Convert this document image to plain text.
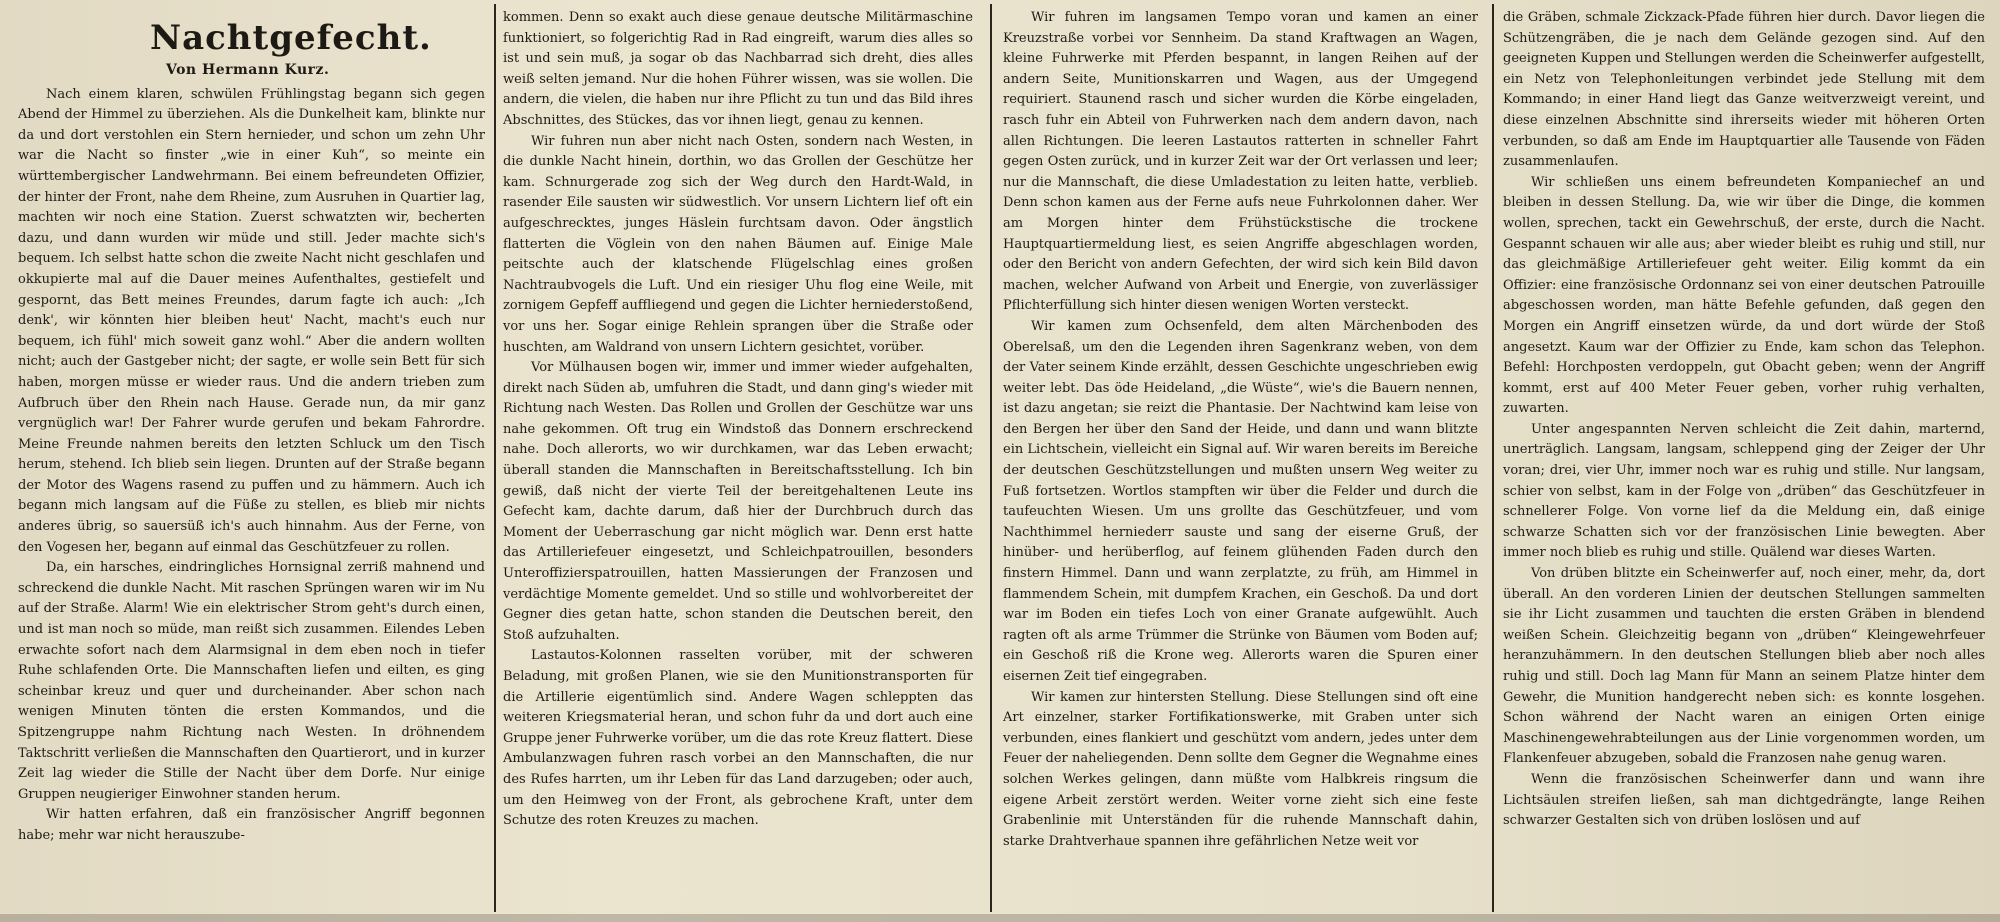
Nachtgefecht.
Von Hermann Kurz.

Nach einem klaren, schwülen Frühlingstag begann sich gegen Abend der Himmel zu überziehen. Als die Dunkelheit kam, blinkte nur da und dort verstohlen ein Stern hernieder, und schon um zehn Uhr war die Nacht so finster „wie in einer Kuh“, so meinte ein württembergischer Landwehrmann. Bei einem befreundeten Offizier, der hinter der Front, nahe dem Rheine, zum Ausruhen in Quartier lag, machten wir noch eine Station. Zuerst schwatzten wir, becherten dazu, und dann wurden wir müde und still. Jeder machte sich's bequem. Ich selbst hatte schon die zweite Nacht nicht geschlafen und okkupierte mal auf die Dauer meines Aufenthaltes, gestiefelt und gespornt, das Bett meines Freundes, darum fagte ich auch: „Ich denk', wir könnten hier bleiben heut' Nacht, macht's euch nur bequem, ich fühl' mich soweit ganz wohl.“ Aber die andern wollten nicht; auch der Gastgeber nicht; der sagte, er wolle sein Bett für sich haben, morgen müsse er wieder raus. Und die andern trieben zum Aufbruch über den Rhein nach Hause. Gerade nun, da mir ganz vergnüglich war! Der Fahrer wurde gerufen und bekam Fahrordre. Meine Freunde nahmen bereits den letzten Schluck um den Tisch herum, stehend. Ich blieb sein liegen. Drunten auf der Straße begann der Motor des Wagens rasend zu puffen und zu hämmern. Auch ich begann mich langsam auf die Füße zu stellen, es blieb mir nichts anderes übrig, so sauersüß ich's auch hinnahm. Aus der Ferne, von den Vogesen her, begann auf einmal das Geschützfeuer zu rollen.

Da, ein harsches, eindringliches Hornsignal zerriß mahnend und schreckend die dunkle Nacht. Mit raschen Sprüngen waren wir im Nu auf der Straße. Alarm! Wie ein elektrischer Strom geht's durch einen, und ist man noch so müde, man reißt sich zusammen. Eilendes Leben erwachte sofort nach dem Alarmsignal in dem eben noch in tiefer Ruhe schlafenden Orte. Die Mannschaften liefen und eilten, es ging scheinbar kreuz und quer und durcheinander. Aber schon nach wenigen Minuten tönten die ersten Kommandos, und die Spitzengruppe nahm Richtung nach Westen. In dröhnendem Taktschritt verließen die Mannschaften den Quartierort, und in kurzer Zeit lag wieder die Stille der Nacht über dem Dorfe. Nur einige Gruppen neugieriger Einwohner standen herum.

Wir hatten erfahren, daß ein französischer Angriff begonnen habe; mehr war nicht herauszube-

kommen. Denn so exakt auch diese genaue deutsche Militärmaschine funktioniert, so folgerichtig Rad in Rad eingreift, warum dies alles so ist und sein muß, ja sogar ob das Nachbarrad sich dreht, dies alles weiß selten jemand. Nur die hohen Führer wissen, was sie wollen. Die andern, die vielen, die haben nur ihre Pflicht zu tun und das Bild ihres Abschnittes, des Stückes, das vor ihnen liegt, genau zu kennen.

Wir fuhren nun aber nicht nach Osten, sondern nach Westen, in die dunkle Nacht hinein, dorthin, wo das Grollen der Geschütze her kam. Schnurgerade zog sich der Weg durch den Hardt-Wald, in rasender Eile sausten wir südwestlich. Vor unsern Lichtern lief oft ein aufgeschrecktes, junges Häslein furchtsam davon. Oder ängstlich flatterten die Vöglein von den nahen Bäumen auf. Einige Male peitschte auch der klatschende Flügelschlag eines großen Nachtraubvogels die Luft. Und ein riesiger Uhu flog eine Weile, mit zornigem Gepfeff auffliegend und gegen die Lichter herniederstoßend, vor uns her. Sogar einige Rehlein sprangen über die Straße oder huschten, am Waldrand von unsern Lichtern gesichtet, vorüber.

Vor Mülhausen bogen wir, immer und immer wieder aufgehalten, direkt nach Süden ab, umfuhren die Stadt, und dann ging's wieder mit Richtung nach Westen. Das Rollen und Grollen der Geschütze war uns nahe gekommen. Oft trug ein Windstoß das Donnern erschreckend nahe. Doch allerorts, wo wir durchkamen, war das Leben erwacht; überall standen die Mannschaften in Bereitschaftsstellung. Ich bin gewiß, daß nicht der vierte Teil der bereitgehaltenen Leute ins Gefecht kam, dachte darum, daß hier der Durchbruch durch das Moment der Ueberraschung gar nicht möglich war. Denn erst hatte das Artilleriefeuer eingesetzt, und Schleichpatrouillen, besonders Unteroffizierspatrouillen, hatten Massierungen der Franzosen und verdächtige Momente gemeldet. Und so stille und wohlvorbereitet der Gegner dies getan hatte, schon standen die Deutschen bereit, den Stoß aufzuhalten.

Lastautos-Kolonnen rasselten vorüber, mit der schweren Beladung, mit großen Planen, wie sie den Munitionstransporten für die Artillerie eigentümlich sind. Andere Wagen schleppten das weiteren Kriegsmaterial heran, und schon fuhr da und dort auch eine Gruppe jener Fuhrwerke vorüber, um die das rote Kreuz flattert. Diese Ambulanzwagen fuhren rasch vorbei an den Mannschaften, die nur des Rufes harrten, um ihr Leben für das Land darzugeben; oder auch, um den Heimweg von der Front, als gebrochene Kraft, unter dem Schutze des roten Kreuzes zu machen.

Wir fuhren im langsamen Tempo voran und kamen an einer Kreuzstraße vorbei vor Sennheim. Da stand Kraftwagen an Wagen, kleine Fuhrwerke mit Pferden bespannt, in langen Reihen auf der andern Seite, Munitionskarren und Wagen, aus der Umgegend requiriert. Staunend rasch und sicher wurden die Körbe eingeladen, rasch fuhr ein Abteil von Fuhrwerken nach dem andern davon, nach allen Richtungen. Die leeren Lastautos ratterten in schneller Fahrt gegen Osten zurück, und in kurzer Zeit war der Ort verlassen und leer; nur die Mannschaft, die diese Umladestation zu leiten hatte, verblieb. Denn schon kamen aus der Ferne aufs neue Fuhrkolonnen daher. Wer am Morgen hinter dem Frühstückstische die trockene Hauptquartiermeldung liest, es seien Angriffe abgeschlagen worden, oder den Bericht von andern Gefechten, der wird sich kein Bild davon machen, welcher Aufwand von Arbeit und Energie, von zuverlässiger Pflichterfüllung sich hinter diesen wenigen Worten versteckt.

Wir kamen zum Ochsenfeld, dem alten Märchenboden des Oberelsaß, um den die Legenden ihren Sagenkranz weben, von dem der Vater seinem Kinde erzählt, dessen Geschichte ungeschrieben ewig weiter lebt. Das öde Heideland, „die Wüste“, wie's die Bauern nennen, ist dazu angetan; sie reizt die Phantasie. Der Nachtwind kam leise von den Bergen her über den Sand der Heide, und dann und wann blitzte ein Lichtschein, vielleicht ein Signal auf. Wir waren bereits im Bereiche der deutschen Geschützstellungen und mußten unsern Weg weiter zu Fuß fortsetzen. Wortlos stampften wir über die Felder und durch die taufeuchten Wiesen. Um uns grollte das Geschützfeuer, und vom Nachthimmel herniederr sauste und sang der eiserne Gruß, der hinüber- und herüberflog, auf feinem glühenden Faden durch den finstern Himmel. Dann und wann zerplatzte, zu früh, am Himmel in flammendem Schein, mit dumpfem Krachen, ein Geschoß. Da und dort war im Boden ein tiefes Loch von einer Granate aufgewühlt. Auch ragten oft als arme Trümmer die Strünke von Bäumen vom Boden auf; ein Geschoß riß die Krone weg. Allerorts waren die Spuren einer eisernen Zeit tief eingegraben.

Wir kamen zur hintersten Stellung. Diese Stellungen sind oft eine Art einzelner, starker Fortifikationswerke, mit Graben unter sich verbunden, eines flankiert und geschützt vom andern, jedes unter dem Feuer der naheliegenden. Denn sollte dem Gegner die Wegnahme eines solchen Werkes gelingen, dann müßte vom Halbkreis ringsum die eigene Arbeit zerstört werden. Weiter vorne zieht sich eine feste Grabenlinie mit Unterständen für die ruhende Mannschaft dahin, starke Drahtverhaue spannen ihre gefährlichen Netze weit vor

die Gräben, schmale Zickzack-Pfade führen hier durch. Davor liegen die Schützengräben, die je nach dem Gelände gezogen sind. Auf den geeigneten Kuppen und Stellungen werden die Scheinwerfer aufgestellt, ein Netz von Telephonleitungen verbindet jede Stellung mit dem Kommando; in einer Hand liegt das Ganze weitverzweigt vereint, und diese einzelnen Abschnitte sind ihrerseits wieder mit höheren Orten verbunden, so daß am Ende im Hauptquartier alle Tausende von Fäden zusammenlaufen.

Wir schließen uns einem befreundeten Kompaniechef an und bleiben in dessen Stellung. Da, wie wir über die Dinge, die kommen wollen, sprechen, tackt ein Gewehrschuß, der erste, durch die Nacht. Gespannt schauen wir alle aus; aber wieder bleibt es ruhig und still, nur das gleichmäßige Artilleriefeuer geht weiter. Eilig kommt da ein Offizier: eine französische Ordonnanz sei von einer deutschen Patrouille abgeschossen worden, man hätte Befehle gefunden, daß gegen den Morgen ein Angriff einsetzen würde, da und dort würde der Stoß angesetzt. Kaum war der Offizier zu Ende, kam schon das Telephon. Befehl: Horchposten verdoppeln, gut Obacht geben; wenn der Angriff kommt, erst auf 400 Meter Feuer geben, vorher ruhig verhalten, zuwarten.

Unter angespannten Nerven schleicht die Zeit dahin, marternd, unerträglich. Langsam, langsam, schleppend ging der Zeiger der Uhr voran; drei, vier Uhr, immer noch war es ruhig und stille. Nur langsam, schier von selbst, kam in der Folge von „drüben“ das Geschützfeuer in schnellerer Folge. Von vorne lief da die Meldung ein, daß einige schwarze Schatten sich vor der französischen Linie bewegten. Aber immer noch blieb es ruhig und stille. Quälend war dieses Warten.

Von drüben blitzte ein Scheinwerfer auf, noch einer, mehr, da, dort überall. An den vorderen Linien der deutschen Stellungen sammelten sie ihr Licht zusammen und tauchten die ersten Gräben in blendend weißen Schein. Gleichzeitig begann von „drüben“ Kleingewehrfeuer heranzuhämmern. In den deutschen Stellungen blieb aber noch alles ruhig und still. Doch lag Mann für Mann an seinem Platze hinter dem Gewehr, die Munition handgerecht neben sich: es konnte losgehen. Schon während der Nacht waren an einigen Orten einige Maschinengewehrabteilungen aus der Linie vorgenommen worden, um Flankenfeuer abzugeben, sobald die Franzosen nahe genug waren.

Wenn die französischen Scheinwerfer dann und wann ihre Lichtsäulen streifen ließen, sah man dichtgedrängte, lange Reihen schwarzer Gestalten sich von drüben loslösen und auf
